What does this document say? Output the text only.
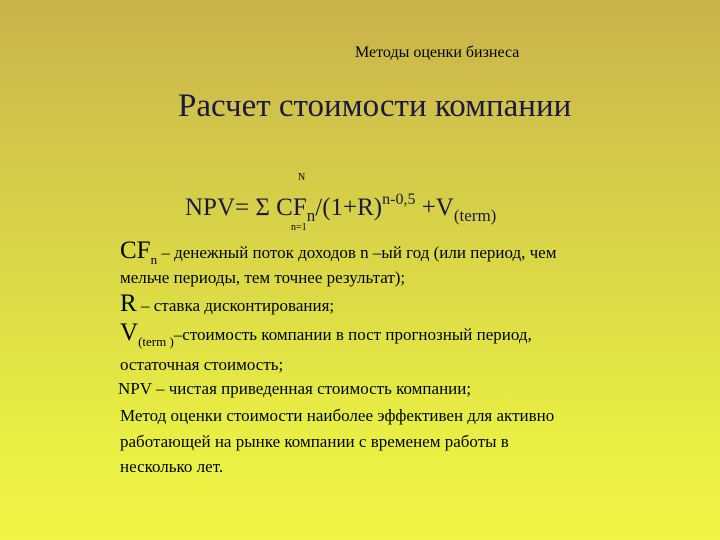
Методы оценки бизнеса
Расчет стоимости компании
N
NPV= Σ $CF_n/(1+R)^{n-0,5} +V_{(term)}$
n=1
$CF_n$ – денежный поток доходов n –ый год (или период, чем
мельче периоды, тем точнее результат);
R – ставка дисконтирования;
$V_{(term )}$–стоимость компании в пост прогнозный период,
остаточная стоимость;
NPV – чистая приведенная стоимость компании;
Метод оценки стоимости наиболее эффективен для активно
работающей на рынке компании с временем работы в
несколько лет.
